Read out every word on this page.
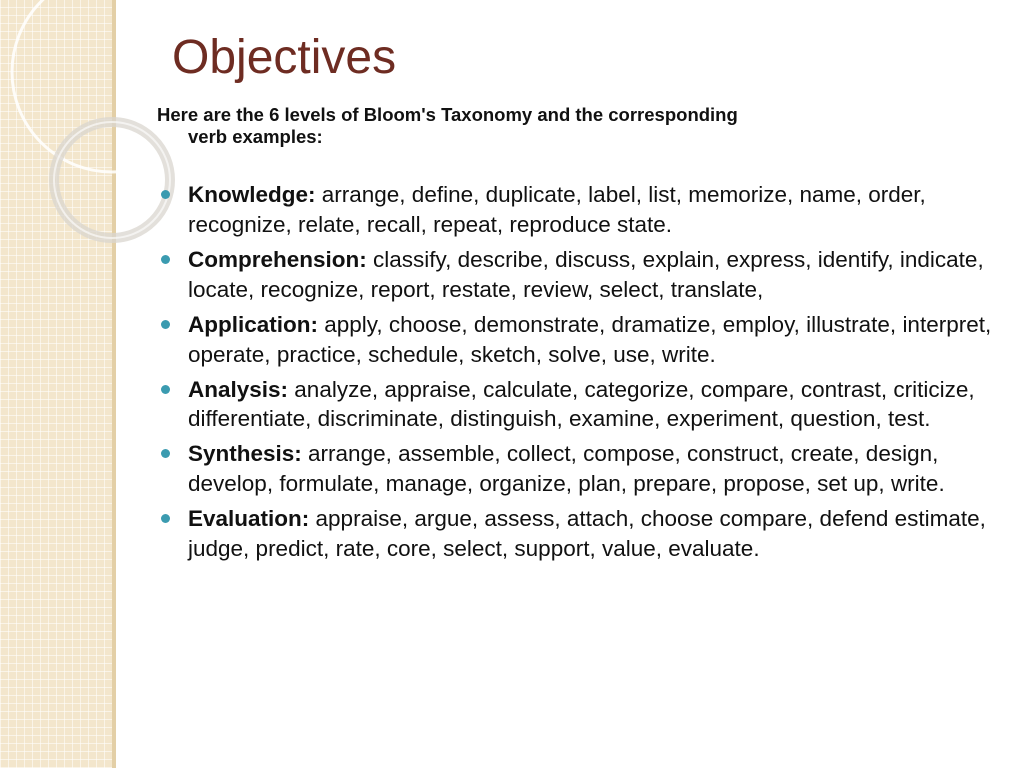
Objectives

Here are the 6 levels of Bloom's Taxonomy and the corresponding
verb examples:

Knowledge: arrange, define, duplicate, label, list, memorize, name, order, recognize, relate, recall, repeat, reproduce state.
Comprehension: classify, describe, discuss, explain, express, identify, indicate, locate, recognize, report, restate, review, select, translate,
Application: apply, choose, demonstrate, dramatize, employ, illustrate, interpret, operate, practice, schedule, sketch, solve, use, write.
Analysis: analyze, appraise, calculate, categorize, compare, contrast, criticize, differentiate, discriminate, distinguish, examine, experiment, question, test.
Synthesis: arrange, assemble, collect, compose, construct, create, design, develop, formulate, manage, organize, plan, prepare, propose, set up, write.
Evaluation: appraise, argue, assess, attach, choose compare, defend estimate, judge, predict, rate, core, select, support, value, evaluate.
